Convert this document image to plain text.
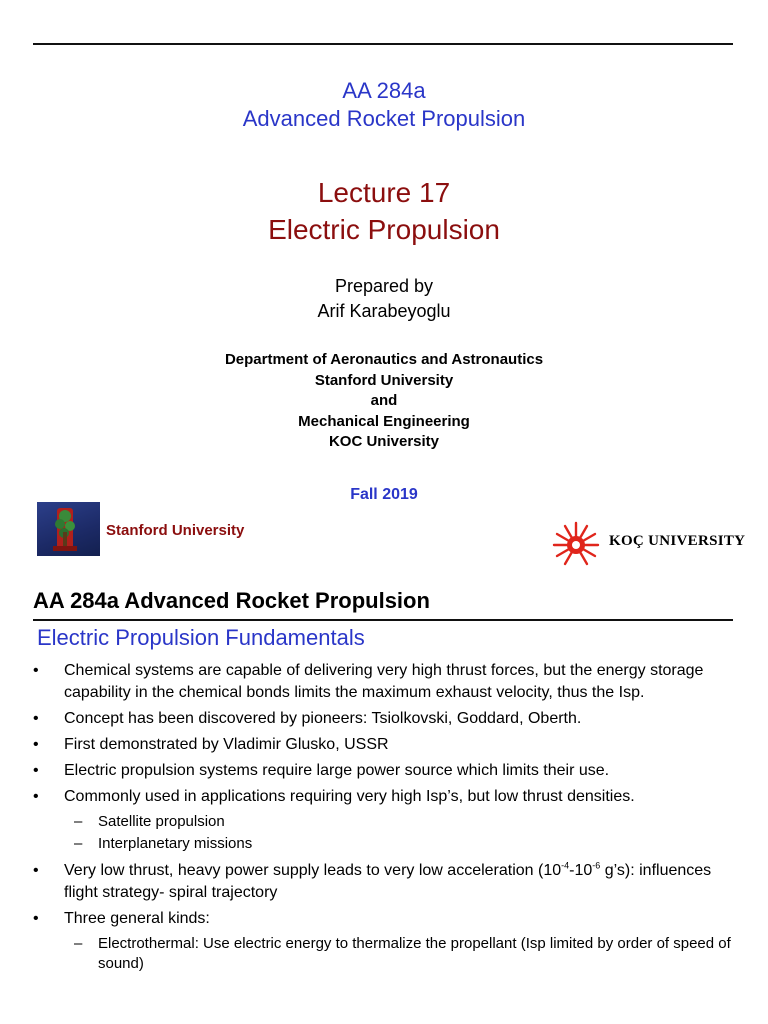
AA 284a
Advanced Rocket Propulsion
Lecture 17
Electric Propulsion
Prepared by
Arif Karabeyoglu
Department of Aeronautics and Astronautics
Stanford University
and
Mechanical Engineering
KOC University
Fall 2019
Stanford University
KOÇ UNIVERSITY
AA 284a Advanced Rocket Propulsion
Electric Propulsion Fundamentals
• Chemical systems are capable of delivering very high thrust forces, but the energy storage capability in the chemical bonds limits the maximum exhaust velocity, thus the Isp.
• Concept has been discovered by pioneers: Tsiolkovski, Goddard, Oberth.
• First demonstrated by Vladimir Glusko, USSR
• Electric propulsion systems require large power source which limits their use.
• Commonly used in applications requiring very high Isp’s, but low thrust densities.
– Satellite propulsion
– Interplanetary missions
• Very low thrust, heavy power supply leads to very low acceleration ($10^{-4}-10^{-6}$ g’s): influences flight strategy- spiral trajectory
• Three general kinds:
– Electrothermal: Use electric energy to thermalize the propellant (Isp limited by order of speed of sound)
